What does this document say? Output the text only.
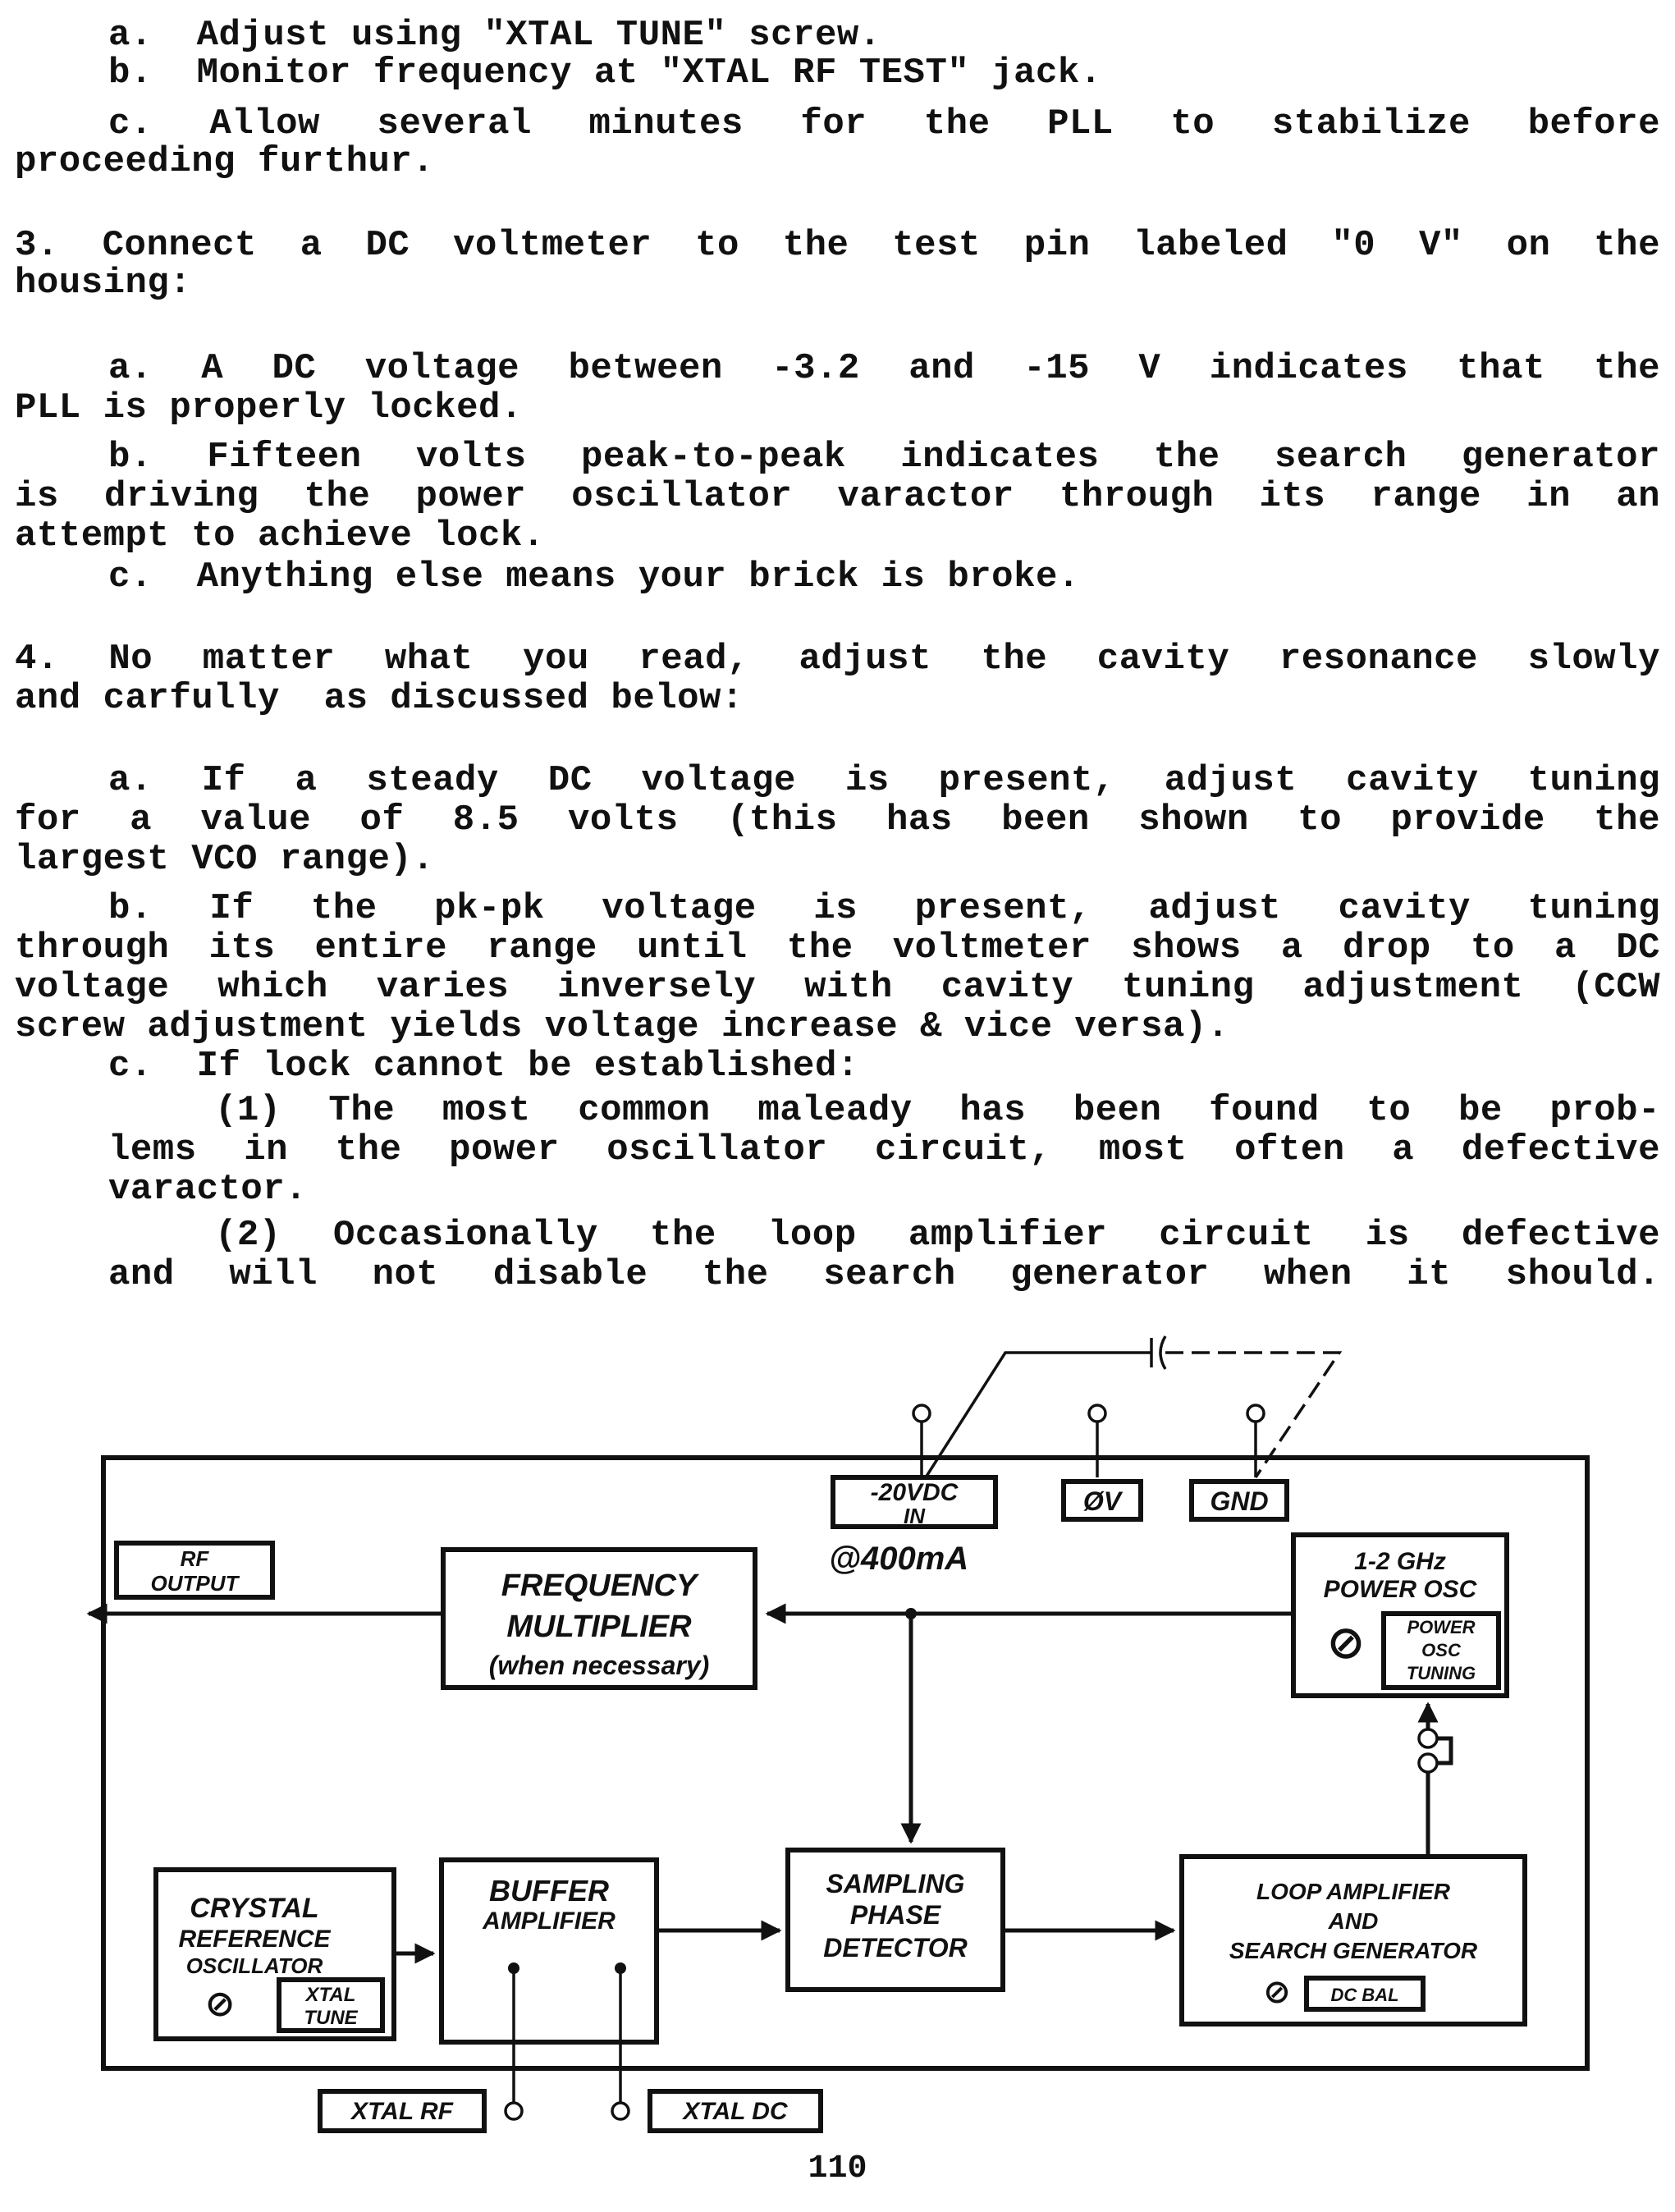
a.  Adjust using "XTAL TUNE" screw.
b.  Monitor frequency at "XTAL RF TEST" jack.
c. Allow several minutes for the PLL to stabilize before
proceeding furthur.
3. Connect a DC voltmeter to the test pin labeled "0 V" on the
housing:
a. A DC voltage between -3.2 and -15 V indicates that the
PLL is properly locked.
b. Fifteen volts peak-to-peak indicates the search generator
is driving the power oscillator varactor through its range in an
attempt to achieve lock.
c.  Anything else means your brick is broke.
4. No matter what you read, adjust the cavity resonance slowly
and carfully  as discussed below:
a. If a steady DC voltage is present, adjust cavity tuning
for a value of 8.5 volts (this has been shown to provide the
largest VCO range).
b. If the pk-pk voltage is present, adjust cavity tuning
through its entire range until the voltmeter shows a drop to a DC
voltage which varies inversely with cavity tuning adjustment (CCW
screw adjustment yields voltage increase & vice versa).
c.  If lock cannot be established:
(1) The most common maleady has been found to be prob-
lems in the power oscillator circuit, most often a defective
varactor.
(2) Occasionally the loop amplifier circuit is defective
and will not disable the search generator when it should.
-20VDC
IN
@400mA
ØV	GND
RF
OUTPUT	FREQUENCY
MULTIPLIER
(when necessary)
1-2 GHz
POWER OSC
⊘ POWER
OSC
TUNING
CRYSTAL
REFERENCE
OSCILLATOR
⊘	XTAL
TUNE
BUFFER
AMPLIFIER
SAMPLING
PHASE
DETECTOR
LOOP AMPLIFIER
AND
SEARCH GENERATOR
⊘ DC BAL
XTAL RF	XTAL DC
110
